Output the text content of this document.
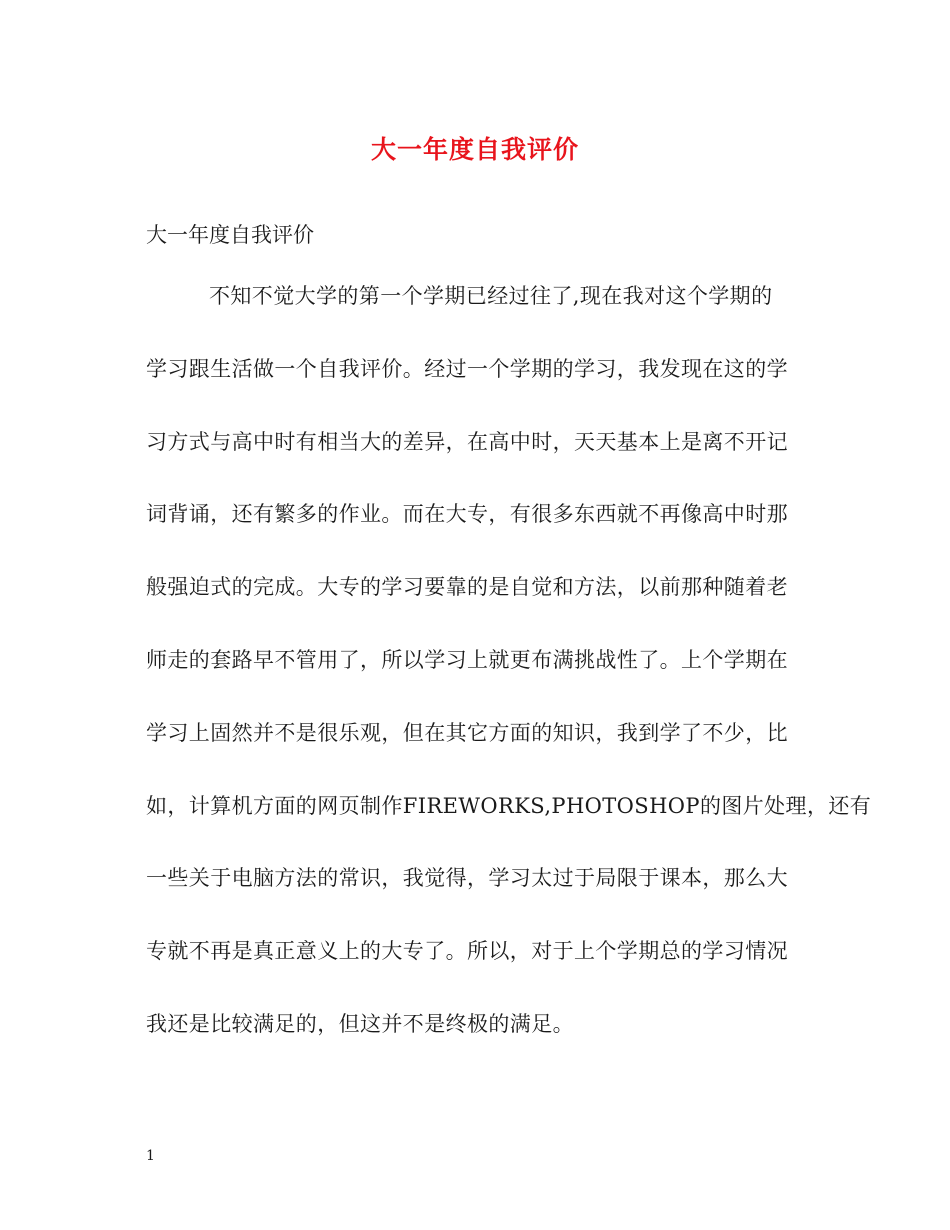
大一年度自我评价
大一年度自我评价
不知不觉大学的第一个学期已经过往了,现在我对这个学期的
学习跟生活做一个自我评价。经过一个学期的学习，我发现在这的学
习方式与高中时有相当大的差异，在高中时，天天基本上是离不开记
词背诵，还有繁多的作业。而在大专，有很多东西就不再像高中时那
般强迫式的完成。大专的学习要靠的是自觉和方法，以前那种随着老
师走的套路早不管用了，所以学习上就更布满挑战性了。上个学期在
学习上固然并不是很乐观，但在其它方面的知识，我到学了不少，比
如，计算机方面的网页制作FIREWORKS,PHOTOSHOP的图片处理，还有
一些关于电脑方法的常识，我觉得，学习太过于局限于课本，那么大
专就不再是真正意义上的大专了。所以，对于上个学期总的学习情况
我还是比较满足的，但这并不是终极的满足。
1
